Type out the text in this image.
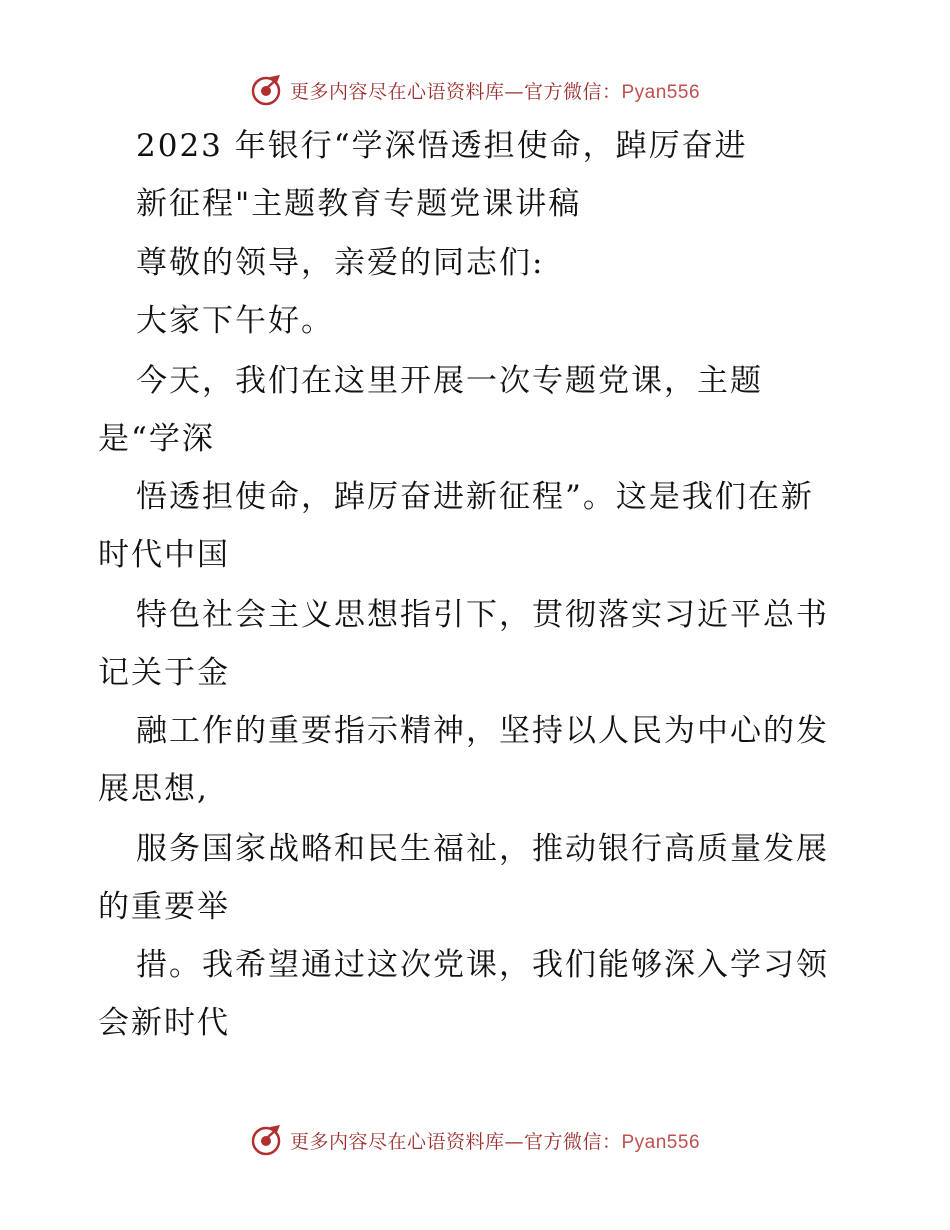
更多内容尽在心语资料库—官方微信：Pyan556
2023 年银行“学深悟透担使命，踔厉奋进
新征程"主题教育专题党课讲稿
尊敬的领导，亲爱的同志们:
大家下午好。
今天，我们在这里开展一次专题党课，主题
是“学深
悟透担使命，踔厉奋进新征程”。这是我们在新
时代中国
特色社会主义思想指引下，贯彻落实习近平总书
记关于金
融工作的重要指示精神，坚持以人民为中心的发
展思想,
服务国家战略和民生福祉，推动银行高质量发展
的重要举
措。我希望通过这次党课，我们能够深入学习领
会新时代
更多内容尽在心语资料库—官方微信：Pyan556
